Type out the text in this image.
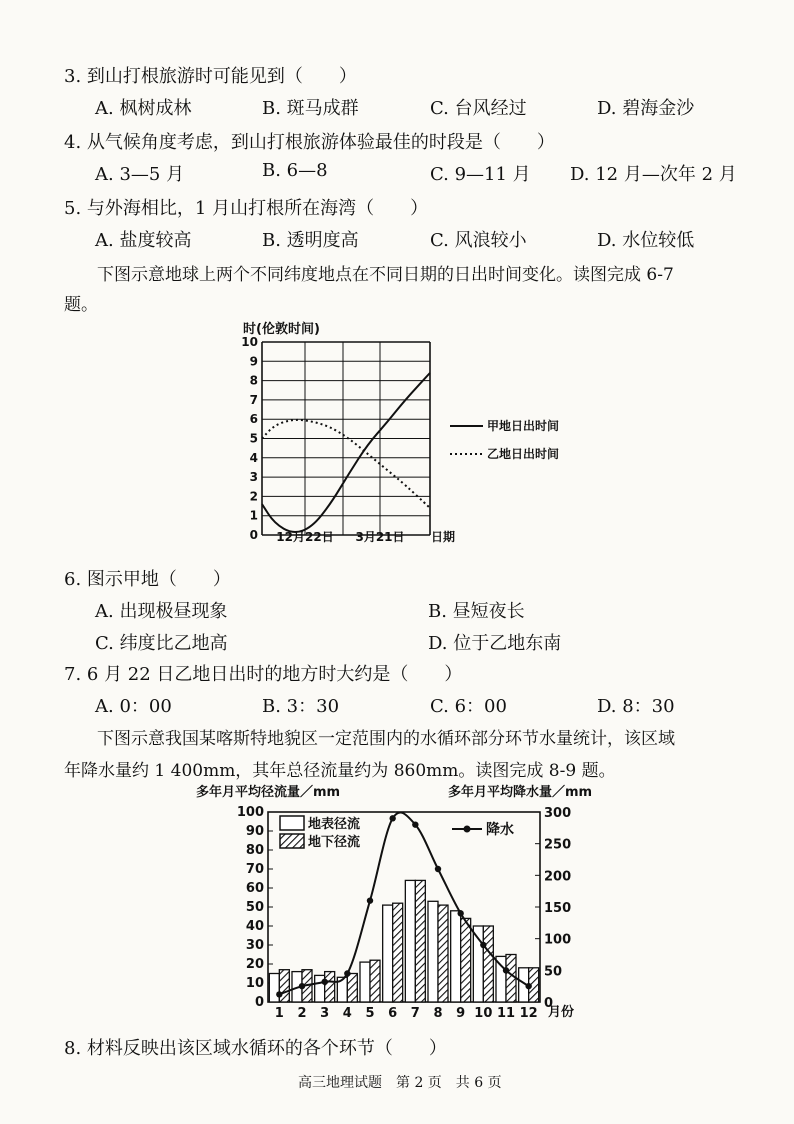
3. 到山打根旅游时可能见到（　　）
A. 枫树成林	B. 斑马成群	C. 台风经过	D. 碧海金沙
4. 从气候角度考虑，到山打根旅游体验最佳的时段是（　　）
A. 3—5 月	B. 6—8	C. 9—11 月 D. 12 月—次年 2 月
5. 与外海相比，1 月山打根所在海湾（　　）
A. 盐度较高	B. 透明度高	C. 风浪较小	D. 水位较低
下图示意地球上两个不同纬度地点在不同日期的日出时间变化。读图完成 6-7
题。
时(伦敦时间)
0
1
2
3
4
5
6
7
8
9
10
12月22日 3月21日 日期
甲地日出时间
乙地日出时间
6. 图示甲地（　　）
A. 出现极昼现象	B. 昼短夜长
C. 纬度比乙地高	D. 位于乙地东南
7. 6 月 22 日乙地日出时的地方时大约是（　　）
A. 0：00	B. 3：30	C. 6：00	D. 8：30
下图示意我国某喀斯特地貌区一定范围内的水循环部分环节水量统计，该区域
年降水量约 1 400mm，其年总径流量约为 860mm。读图完成 8-9 题。
多年月平均径流量／mm	多年月平均降水量／mm
0
10
20
30
40
50
60
70
80
90
100
0
50
100
150
200
250
300
1 2 3 4 5 6 7 8 9 10 11 12 月份
地表径流
地下径流
降水
8. 材料反映出该区域水循环的各个环节（　　）
高三地理试题　第 2 页　共 6 页
